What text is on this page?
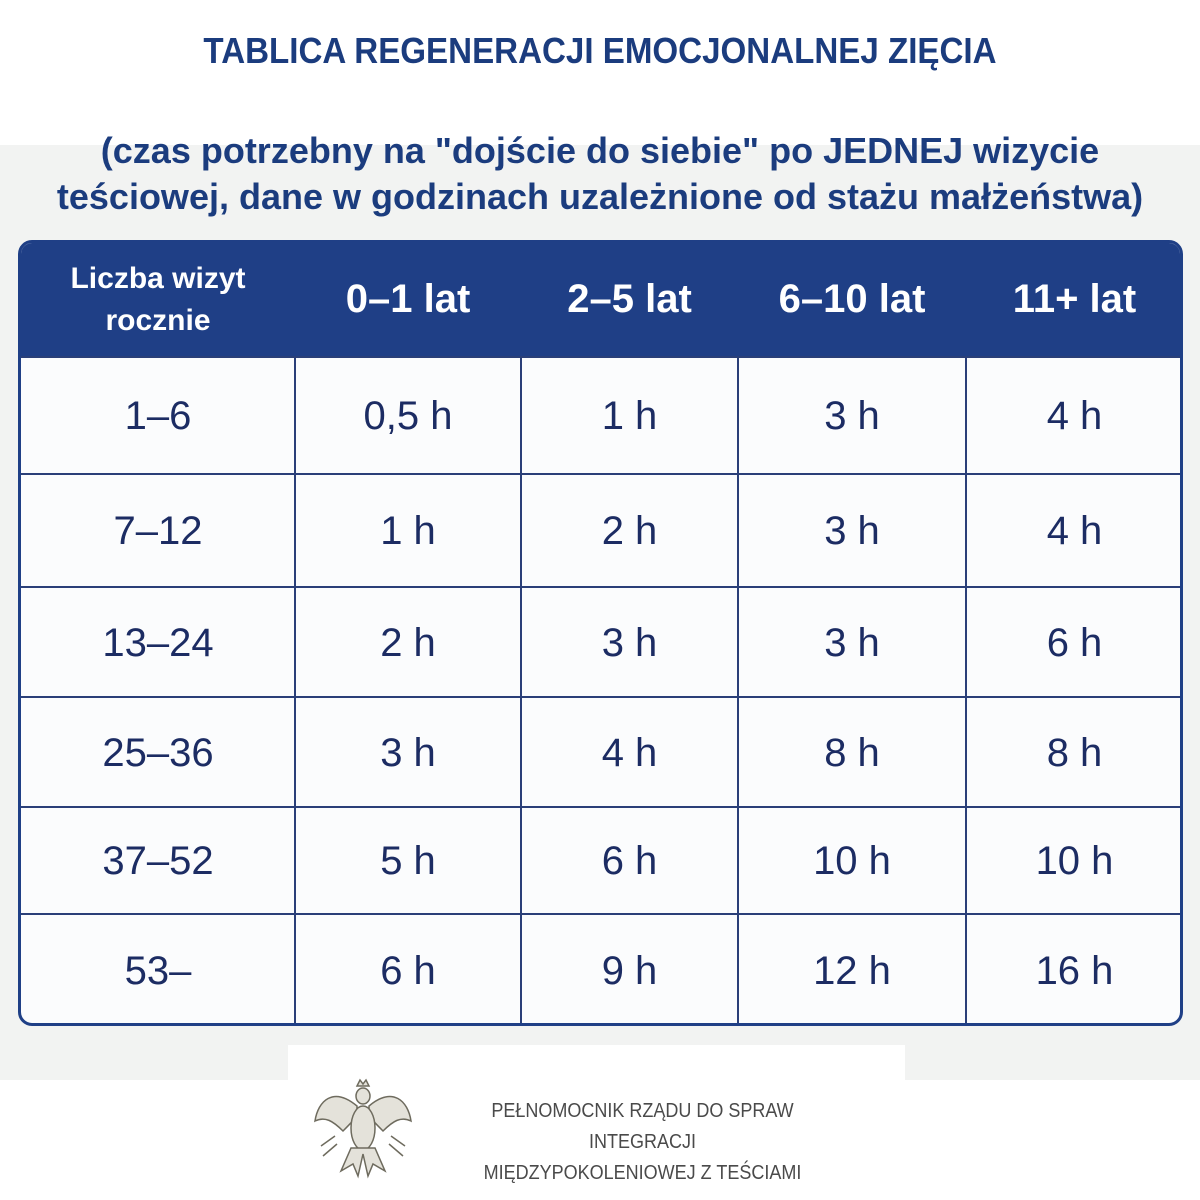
TABLICA REGENERACJI EMOCJONALNEJ ZIĘCIA
(czas potrzebny na "dojście do siebie" po JEDNEJ wizycie
teściowej, dane w godzinach uzależnione od stażu małżeństwa)
Liczba wizyt
rocznie	0–1 lat	2–5 lat	6–10 lat	11+ lat
1–6	0,5 h	1 h	3 h	4 h
7–12	1 h	2 h	3 h	4 h
13–24	2 h	3 h	3 h	6 h
25–36	3 h	4 h	8 h	8 h
37–52	5 h	6 h	10 h	10 h
53–	6 h	9 h	12 h	16 h
PEŁNOMOCNIK RZĄDU DO SPRAW INTEGRACJI
MIĘDZYPOKOLENIOWEJ Z TEŚCIAMI
